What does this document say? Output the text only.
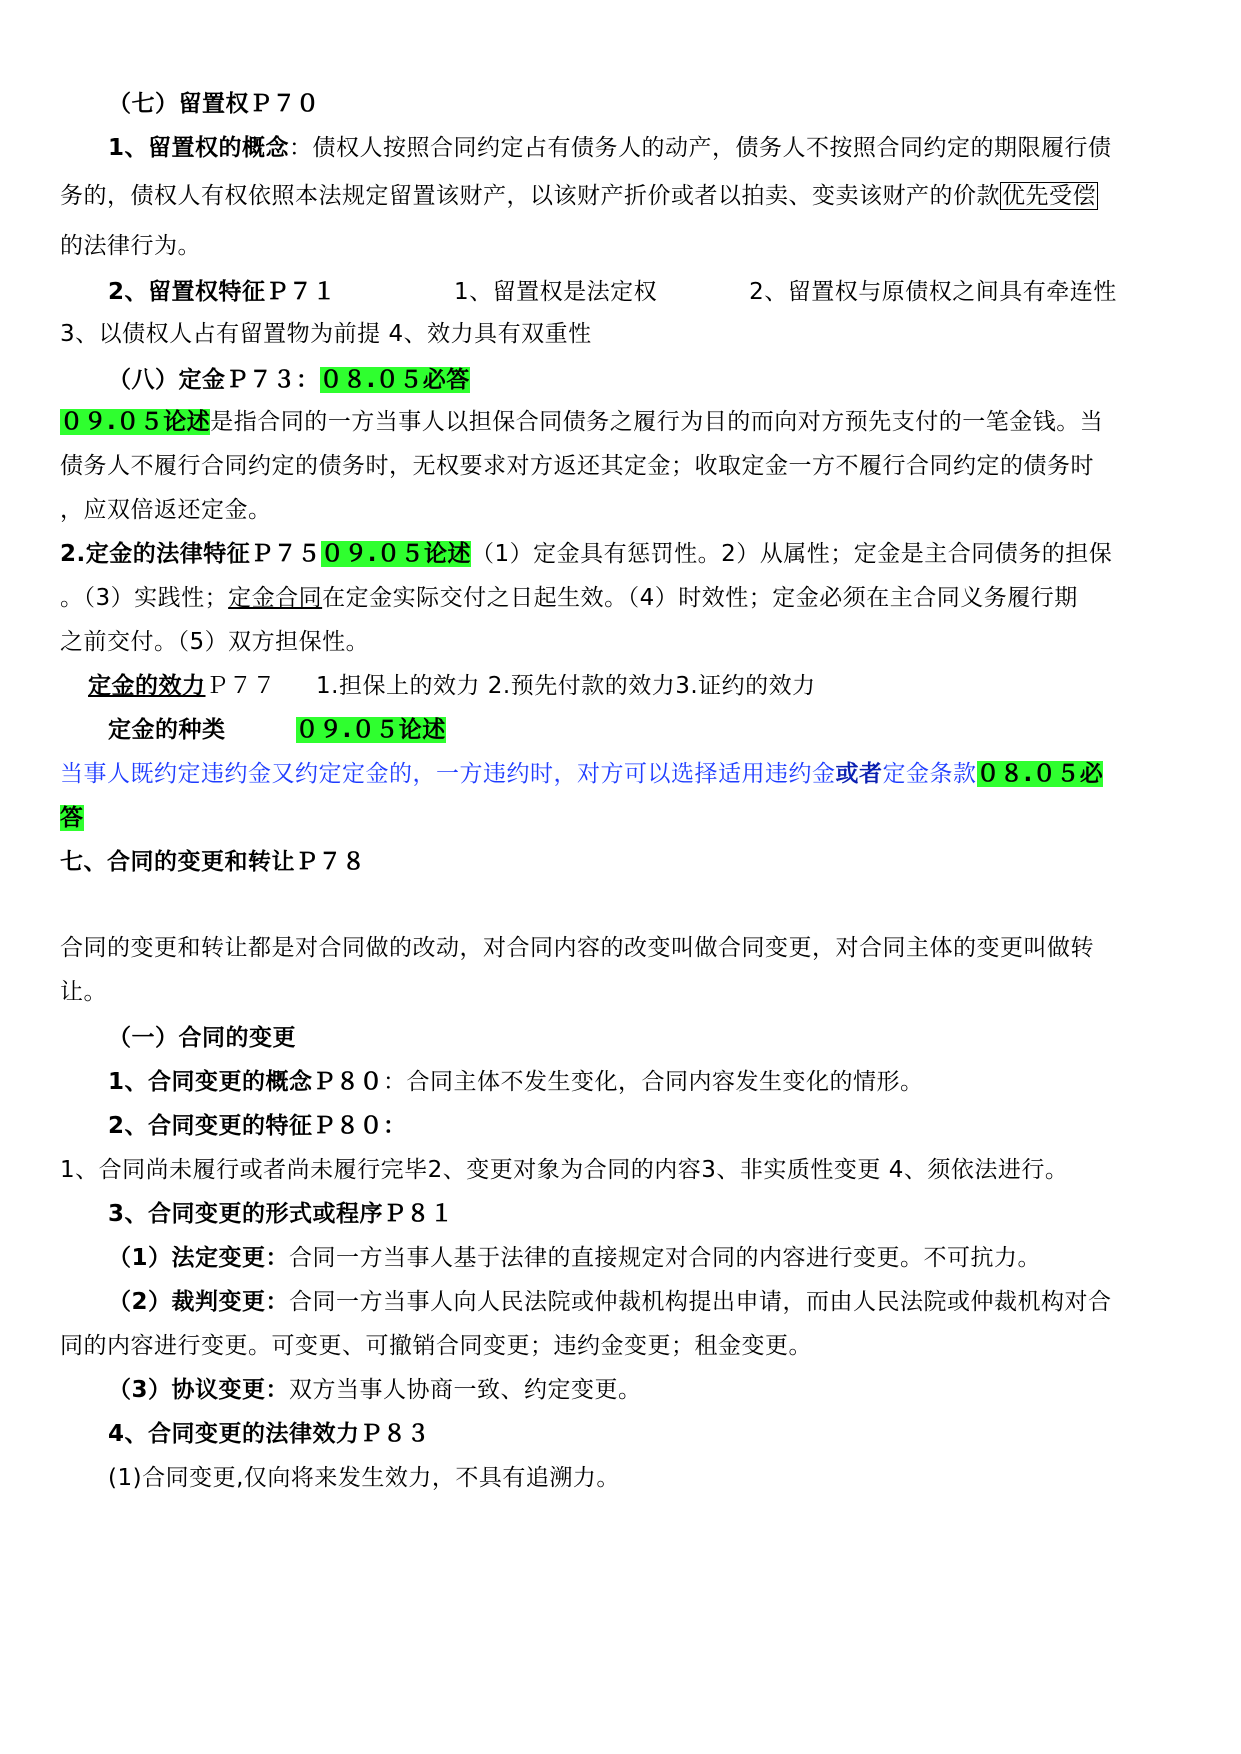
（七）留置权Ｐ７０
1、留置权的概念：债权人按照合同约定占有债务人的动产，债务人不按照合同约定的期限履行债
务的，债权人有权依照本法规定留置该财产，以该财产折价或者以拍卖、变卖该财产的价款优先受偿
的法律行为。
2、留置权特征Ｐ７１	1、留置权是法定权	2、留置权与原债权之间具有牵连性
3、以债权人占有留置物为前提 4、效力具有双重性
（八）定金Ｐ７３：０８.０５必答
０９.０５论述是指合同的一方当事人以担保合同债务之履行为目的而向对方预先支付的一笔金钱。当
债务人不履行合同约定的债务时，无权要求对方返还其定金；收取定金一方不履行合同约定的债务时
，应双倍返还定金。
2.定金的法律特征Ｐ７５０９.０５论述（1）定金具有惩罚性。2）从属性；定金是主合同债务的担保
。（3）实践性；定金合同在定金实际交付之日起生效。（4）时效性；定金必须在主合同义务履行期
之前交付。（5）双方担保性。
定金的效力Ｐ７７ 1.担保上的效力 2.预先付款的效力3.证约的效力
定金的种类	０９.０５论述
当事人既约定违约金又约定定金的，一方违约时，对方可以选择适用违约金或者定金条款０８.０５必
答
七、合同的变更和转让Ｐ７８
合同的变更和转让都是对合同做的改动，对合同内容的改变叫做合同变更，对合同主体的变更叫做转
让。
（一）合同的变更
1、合同变更的概念Ｐ８０：合同主体不发生变化，合同内容发生变化的情形。
2、合同变更的特征Ｐ８０：
1、合同尚未履行或者尚未履行完毕2、变更对象为合同的内容3、非实质性变更 4、须依法进行。
3、合同变更的形式或程序Ｐ８１
（1）法定变更：合同一方当事人基于法律的直接规定对合同的内容进行变更。不可抗力。
（2）裁判变更：合同一方当事人向人民法院或仲裁机构提出申请，而由人民法院或仲裁机构对合
同的内容进行变更。可变更、可撤销合同变更；违约金变更；租金变更。
（3）协议变更：双方当事人协商一致、约定变更。
4、合同变更的法律效力Ｐ８３
(1)合同变更,仅向将来发生效力，不具有追溯力。
